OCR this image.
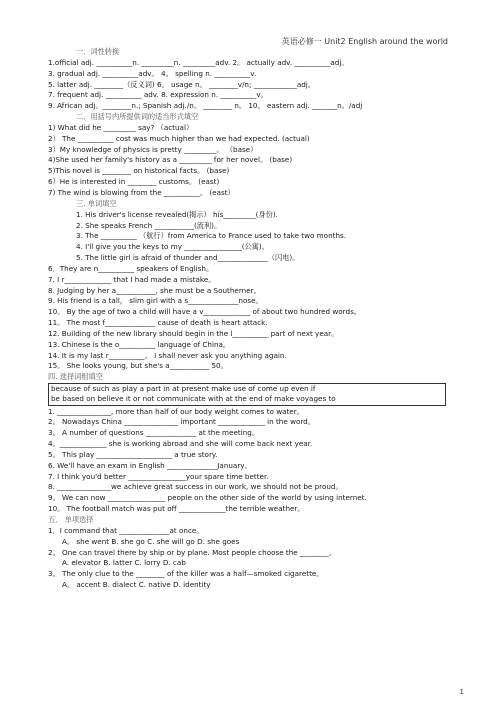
英语必修一 Unit2 English around the world
一．词性转换
1.official adj. __________n. _________n. _________adv. 2。 actually adv. __________adj。
3. gradual adj. __________adv。 4。 spelling n. __________v.
5. latter adj. ________（反义词) 6。 usage n。 ________v/n; ____________adj。
7. frequent adj. __________ adv. 8. expression n. __________v。
9. African adj。________n.; Spanish adj./n。 ________ n。 10。 eastern adj. _______n。/adj
二．用括号内所提供词的适当形式填空
1) What did he _________ say? （actual）
2） The __________ cost was much higher than we had expected. (actual)
3）My knowledge of physics is pretty _________。 （base）
4)She used her family's history as a _________ for her novel。 (base)
5)This novel is ________ on historical facts。 (base)
6）He is interested in ________ customs。 (east)
7) The wind is blowing from the __________。 (east）
三. 单词填空
1. His driver's license revealed(揭示） his_________(身份).
2. She speaks French ___________(流利)。
3. The __________ （航行）from America to France used to take two months.
4. I'll give you the keys to my ________________(公寓)。
5. The little girl is afraid of thunder and______________（闪电)。
6．They are n__________ speakers of English。
7. I r_____________ that I had made a mistake。
8. Judging by her a___________, she must be a Southerner。
9. His friend is a tall， slim girl with a s______________nose。
10。 By the age of two a child will have a v_____________ of about two hundred words。
11。 The most f______________ cause of death is heart attack.
12. Building of the new library should begin in the l__________ part of next year。
13. Chinese is the o__________ language of China。
14. It is my last r__________。 I shall never ask you anything again.
15。 She looks young, but she's a___________ 50。
四. 选择词组填空
because of such as play a part in at present make use of come up even if
be based on believe it or not communicate with at the end of make voyages to
1. _______________, more than half of our body weight comes to water。
2。 Nowadays China _______________ important _____________ in the word。
3。 A number of questions ______________ at the meeting。
4。_____________ she is working abroad and she will come back next year.
5。 This play _____________________ a true story.
6. We'll have an exam in English ______________January。
7. I think you'd better ________________your spare time better.
8. _______________we achieve great success in our work, we should not be proud。
9。 We can now ________________ people on the other side of the world by using internet.
10。 The football match was put off _____________the terrible weather。
五． 单项选择
1．I command that ______________at once。
A。 she went B. she go C. she will go D. she goes
2。 One can travel there by ship or by plane. Most people choose the ________。
A. elevator B. latter C. lorry D. cab
3。 The only clue to the ________ of the killer was a half—smoked cigarette。
A。 accent B. dialect C. native D. identity
1
